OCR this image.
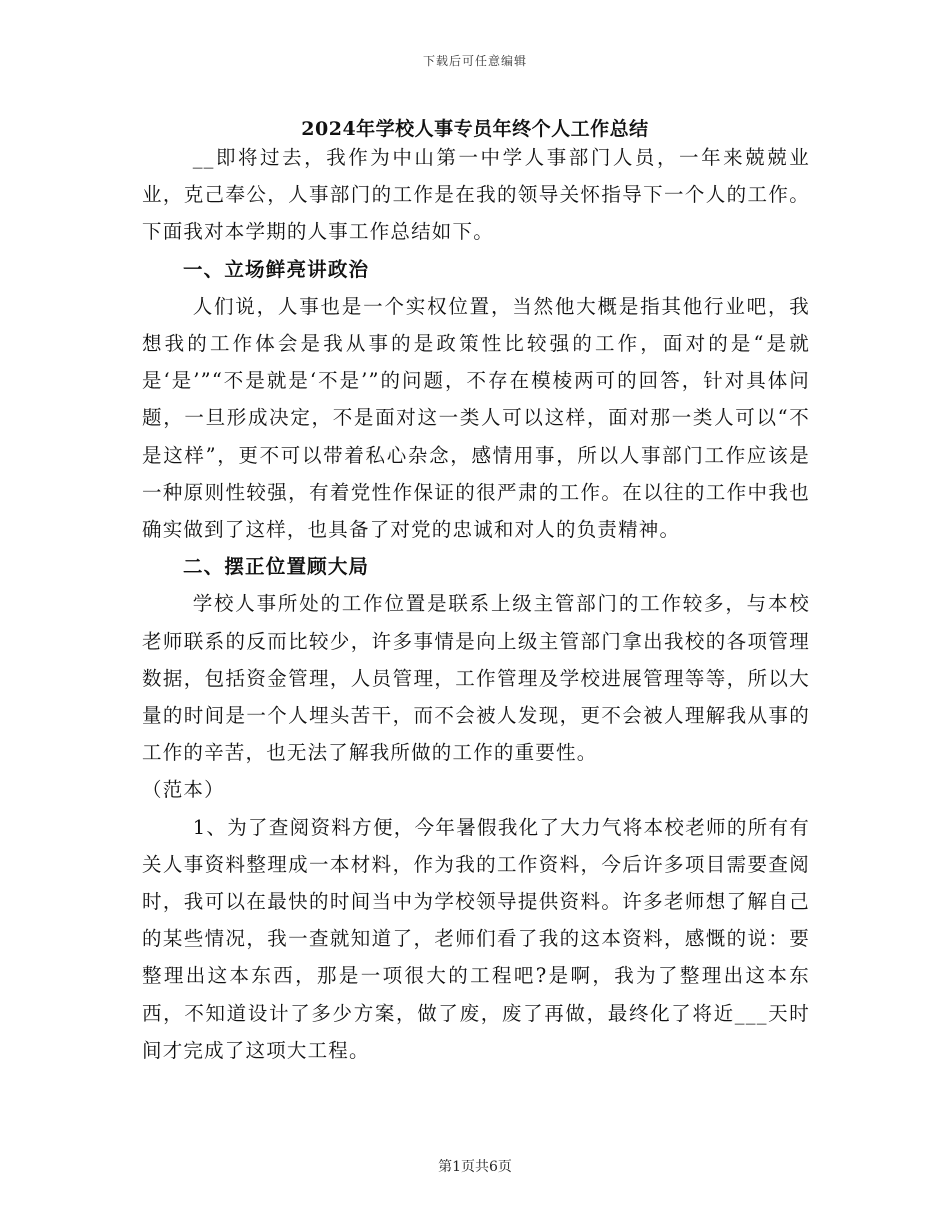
下载后可任意编辑
2024年学校人事专员年终个人工作总结

__即将过去，我作为中山第一中学人事部门人员，一年来兢兢业业，克己奉公，人事部门的工作是在我的领导关怀指导下一个人的工作。下面我对本学期的人事工作总结如下。

一、立场鲜亮讲政治

人们说，人事也是一个实权位置，当然他大概是指其他行业吧，我想我的工作体会是我从事的是政策性比较强的工作，面对的是“是就是‘是’”“不是就是‘不是’”的问题，不存在模棱两可的回答，针对具体问题，一旦形成决定，不是面对这一类人可以这样，面对那一类人可以“不是这样”，更不可以带着私心杂念，感情用事，所以人事部门工作应该是一种原则性较强，有着党性作保证的很严肃的工作。在以往的工作中我也确实做到了这样，也具备了对党的忠诚和对人的负责精神。

二、摆正位置顾大局

学校人事所处的工作位置是联系上级主管部门的工作较多，与本校老师联系的反而比较少，许多事情是向上级主管部门拿出我校的各项管理数据，包括资金管理，人员管理，工作管理及学校进展管理等等，所以大量的时间是一个人埋头苦干，而不会被人发现，更不会被人理解我从事的工作的辛苦，也无法了解我所做的工作的重要性。

（范本）

1、为了查阅资料方便，今年暑假我化了大力气将本校老师的所有有关人事资料整理成一本材料，作为我的工作资料，今后许多项目需要查阅时，我可以在最快的时间当中为学校领导提供资料。许多老师想了解自己的某些情况，我一查就知道了，老师们看了我的这本资料，感慨的说：要整理出这本东西，那是一项很大的工程吧?是啊，我为了整理出这本东西，不知道设计了多少方案，做了废，废了再做，最终化了将近___天时间才完成了这项大工程。

第1页共6页
